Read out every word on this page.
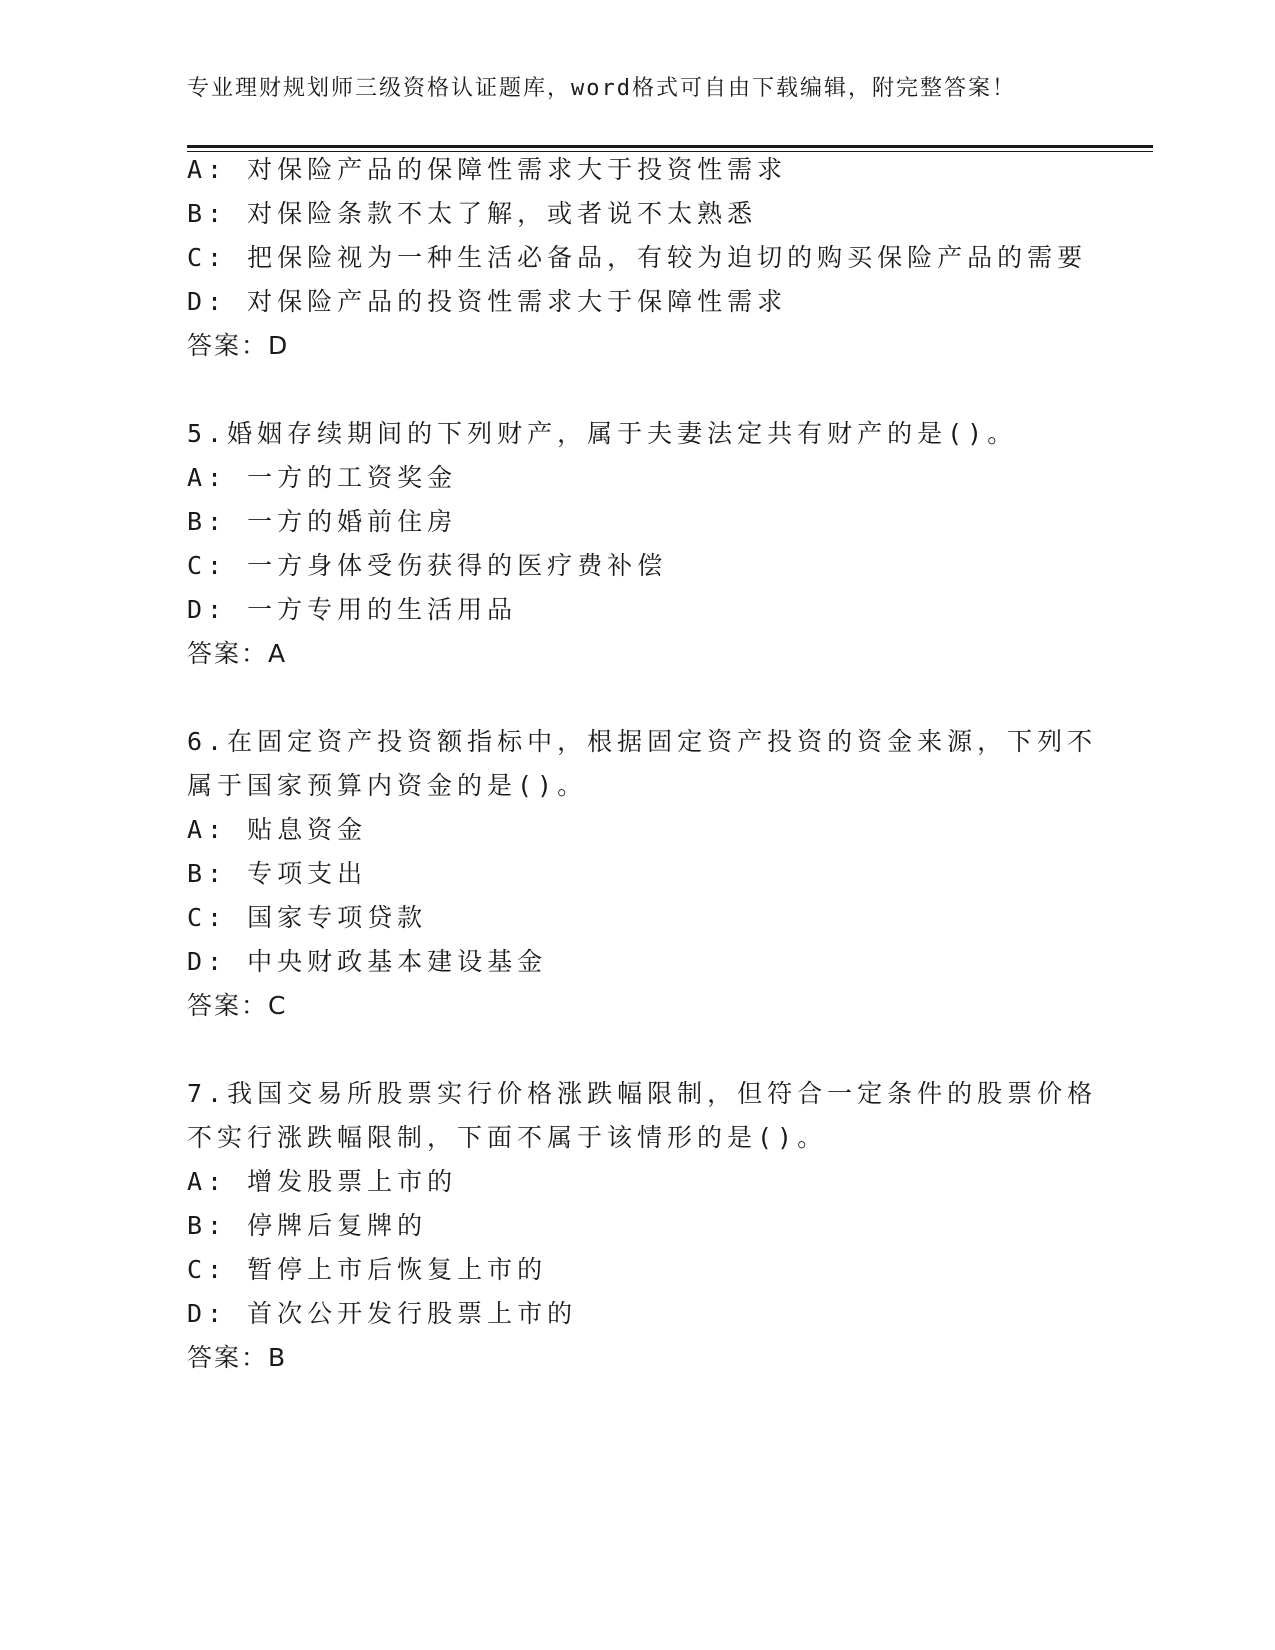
专业理财规划师三级资格认证题库，word格式可自由下载编辑，附完整答案！
A: 对保险产品的保障性需求大于投资性需求
B: 对保险条款不太了解，或者说不太熟悉
C: 把保险视为一种生活必备品，有较为迫切的购买保险产品的需要
D: 对保险产品的投资性需求大于保障性需求
答案：D
5.婚姻存续期间的下列财产，属于夫妻法定共有财产的是()。
A: 一方的工资奖金
B: 一方的婚前住房
C: 一方身体受伤获得的医疗费补偿
D: 一方专用的生活用品
答案：A
6.在固定资产投资额指标中，根据固定资产投资的资金来源，下列不
属于国家预算内资金的是()。
A: 贴息资金
B: 专项支出
C: 国家专项贷款
D: 中央财政基本建设基金
答案：C
7.我国交易所股票实行价格涨跌幅限制，但符合一定条件的股票价格
不实行涨跌幅限制，下面不属于该情形的是()。
A: 增发股票上市的
B: 停牌后复牌的
C: 暂停上市后恢复上市的
D: 首次公开发行股票上市的
答案：B
